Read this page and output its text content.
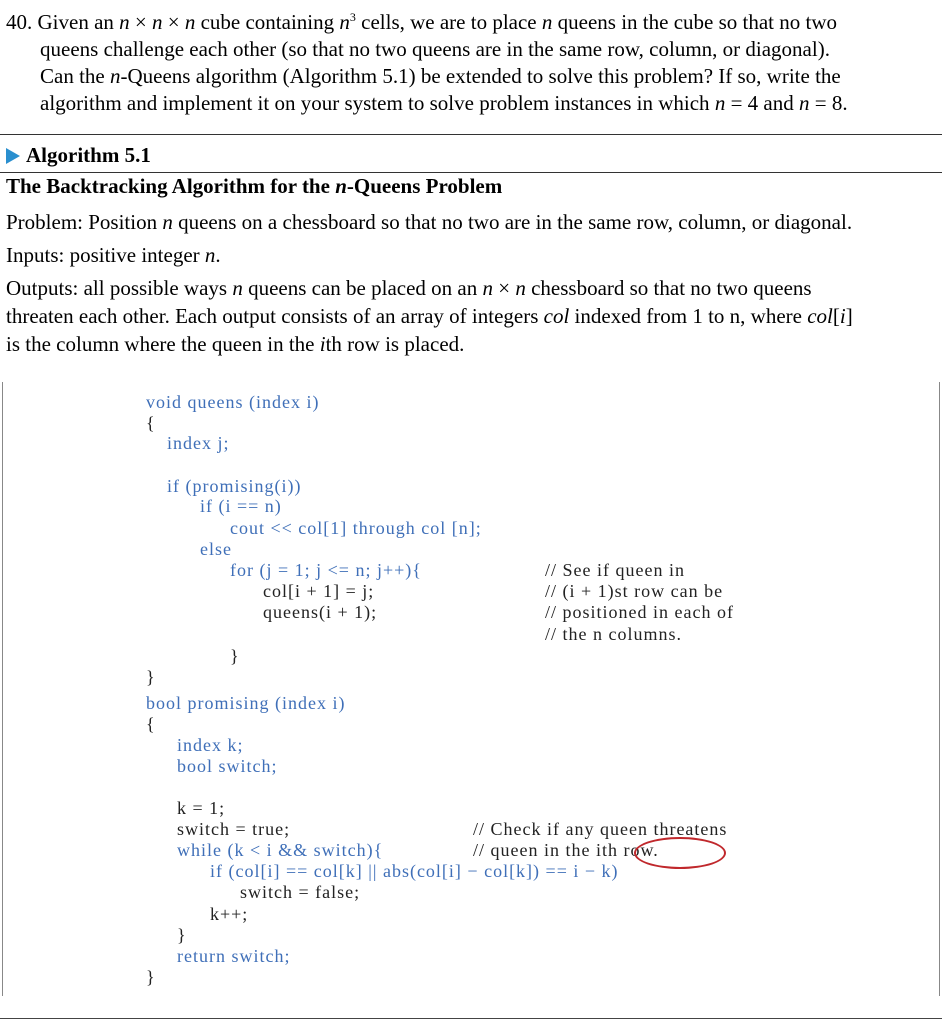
40. Given an n × n × n cube containing $n^3$ cells, we are to place n queens in the cube so that no two
queens challenge each other (so that no two queens are in the same row, column, or diagonal).
Can the n-Queens algorithm (Algorithm 5.1) be extended to solve this problem? If so, write the
algorithm and implement it on your system to solve problem instances in which n = 4 and n = 8.
Algorithm 5.1
The Backtracking Algorithm for the n-Queens Problem
Problem: Position n queens on a chessboard so that no two are in the same row, column, or diagonal.
Inputs: positive integer n.
Outputs: all possible ways n queens can be placed on an n × n chessboard so that no two queens
threaten each other. Each output consists of an array of integers col indexed from 1 to n, where col[i]
is the column where the queen in the ith row is placed.
void queens (index i)
{
index j;
if (promising(i))
if (i == n)
cout << col[1] through col [n];
else
for (j = 1; j <= n; j++){
col[i + 1] = j;
queens(i + 1);
}
}
// See if queen in
// (i + 1)st row can be
// positioned in each of
// the n columns.
bool promising (index i)
{
index k;
bool switch;
k = 1;
switch = true;
while (k < i && switch){
if (col[i] == col[k] || abs(col[i] − col[k]) == i − k)
switch = false;
k++;
}
return switch;
}
// Check if any queen threatens
// queen in the ith row.
